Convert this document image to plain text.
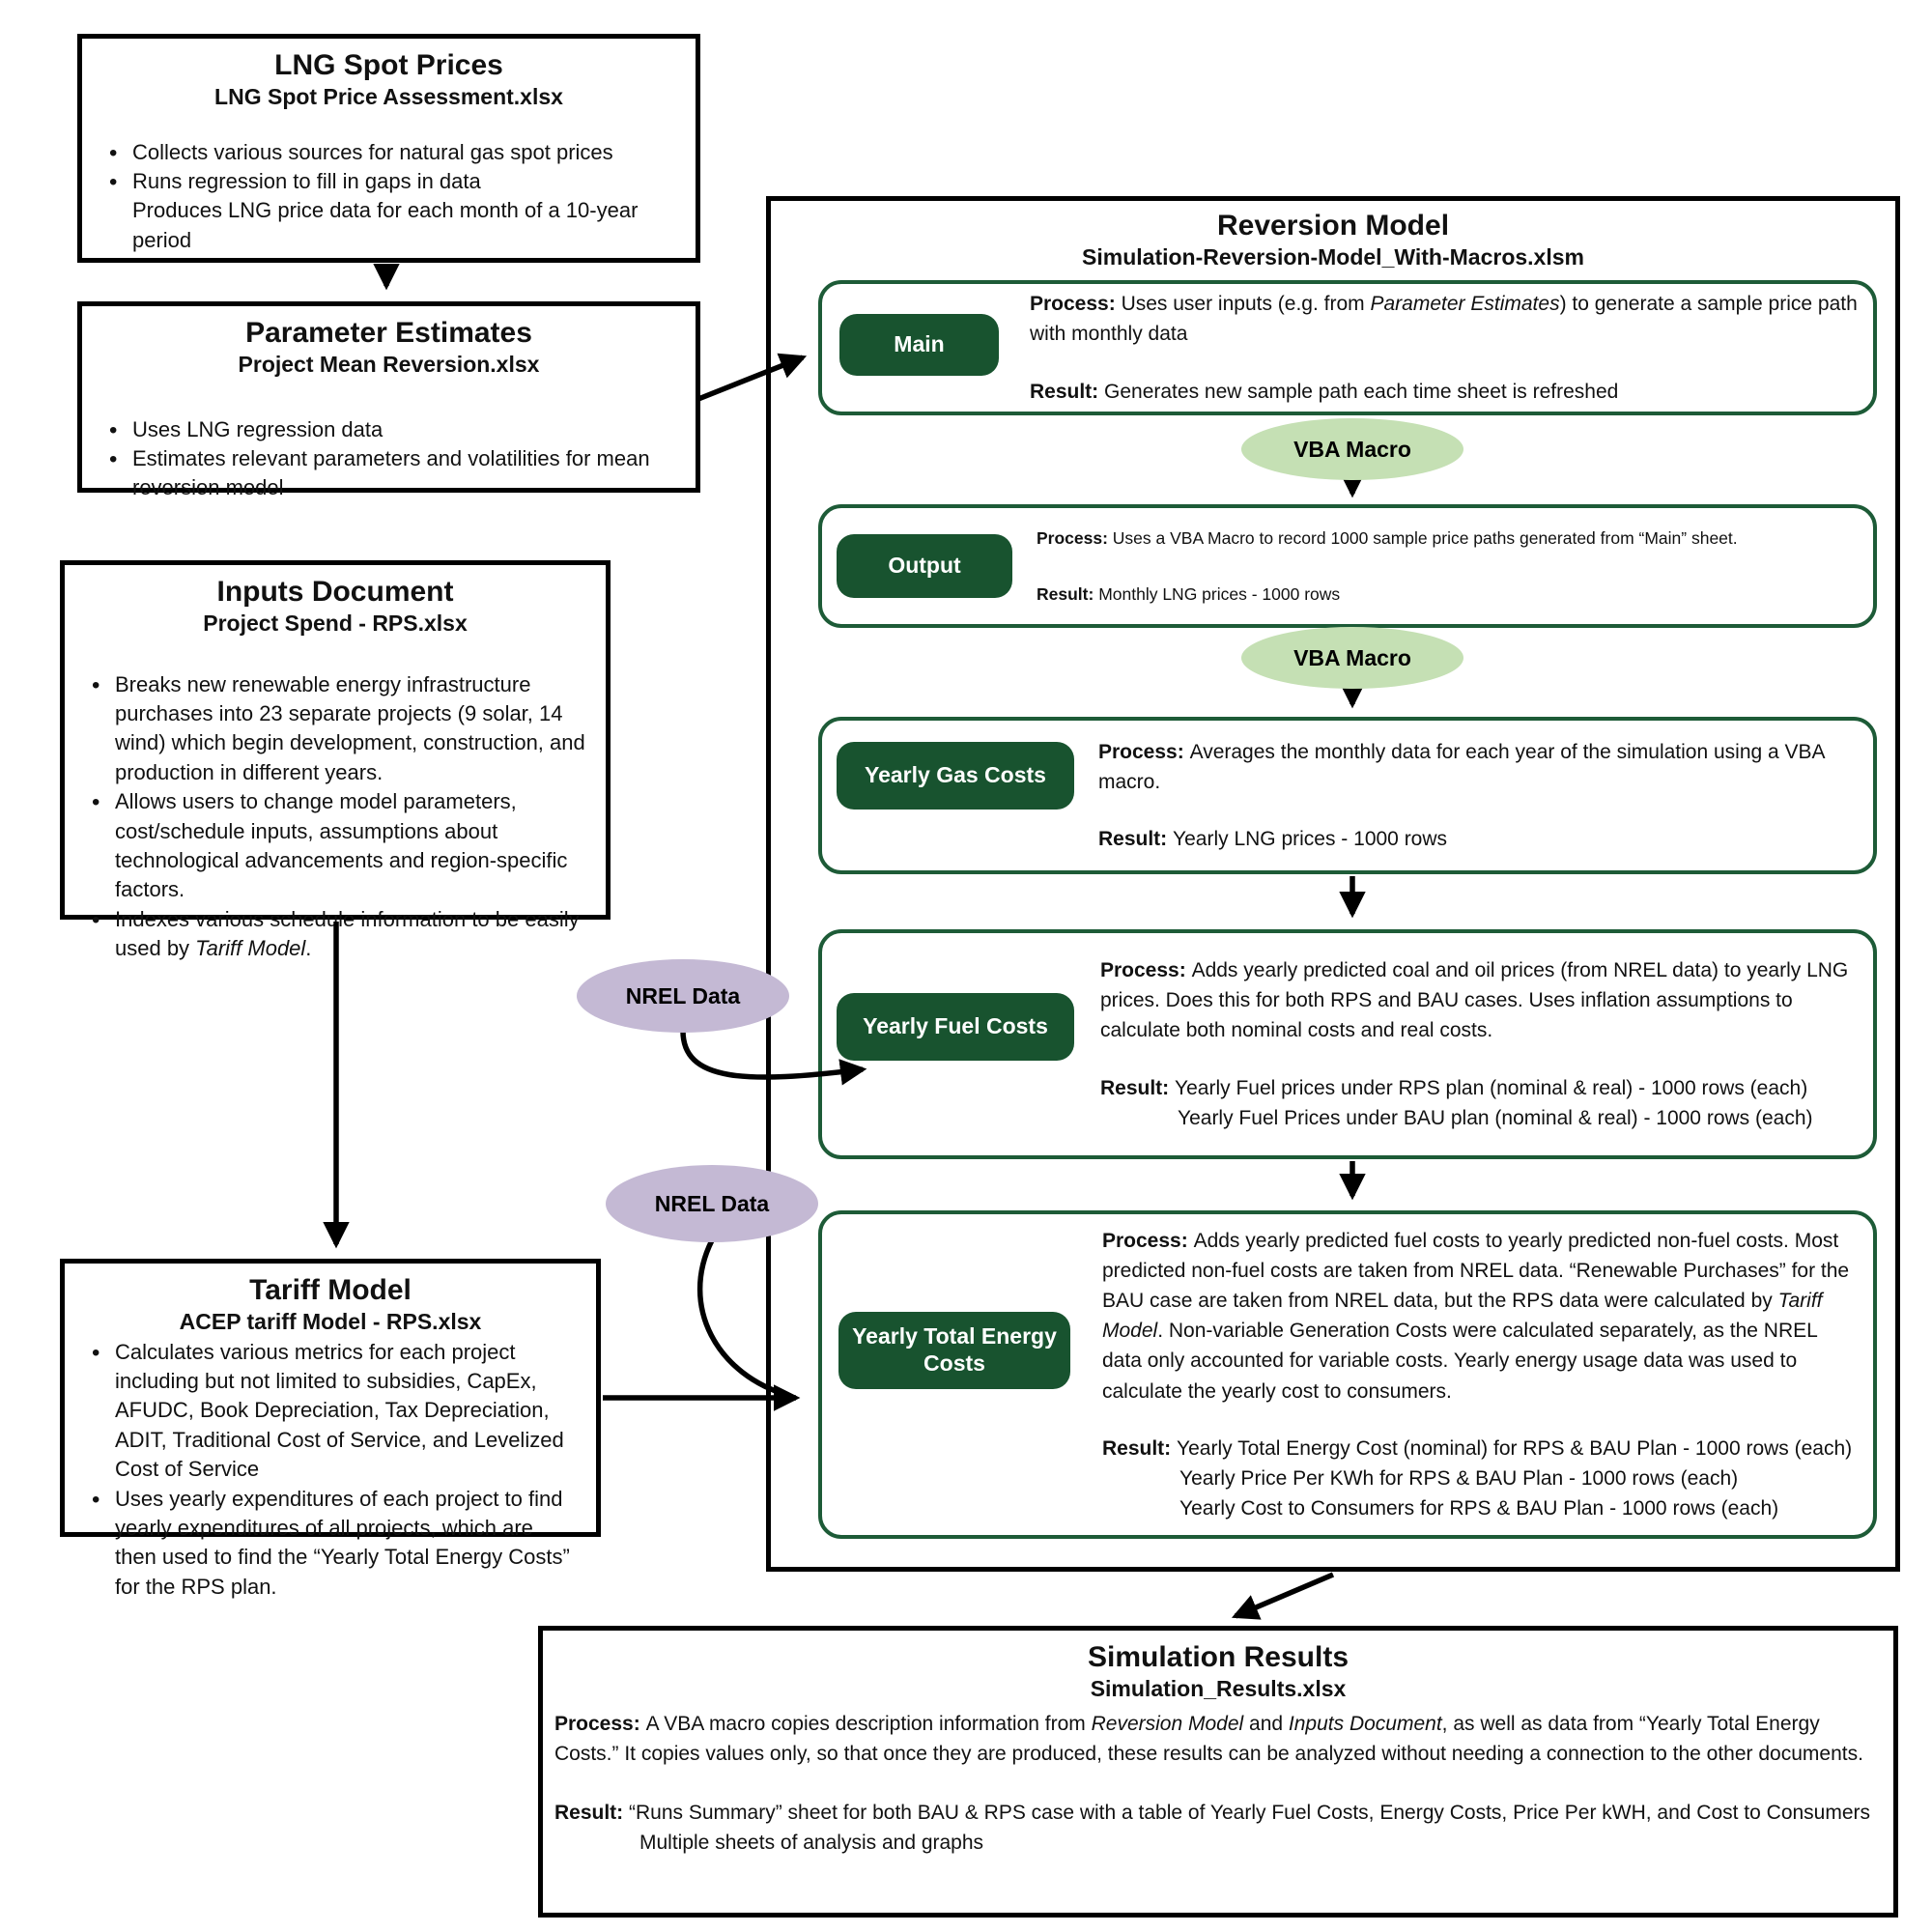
LNG Spot Prices
LNG Spot Price Assessment.xlsx
• Collects various sources for natural gas spot prices
• Runs regression to fill in gaps in data
Produces LNG price data for each month of a 10-year period
Parameter Estimates
Project Mean Reversion.xlsx
• Uses LNG regression data
• Estimates relevant parameters and volatilities for mean reversion model
Inputs Document
Project Spend - RPS.xlsx
• Breaks new renewable energy infrastructure purchases into 23 separate projects (9 solar, 14 wind) which begin development, construction, and production in different years.
• Allows users to change model parameters, cost/schedule inputs, assumptions about technological advancements and region-specific factors.
• Indexes various schedule information to be easily used by Tariff Model.
Tariff Model
ACEP tariff Model - RPS.xlsx
• Calculates various metrics for each project including but not limited to subsidies, CapEx, AFUDC, Book Depreciation, Tax Depreciation, ADIT, Traditional Cost of Service, and Levelized Cost of Service
• Uses yearly expenditures of each project to find yearly expenditures of all projects, which are then used to find the “Yearly Total Energy Costs” for the RPS plan.
Reversion Model
Simulation-Reversion-Model_With-Macros.xlsm
Process: Uses user inputs (e.g. from Parameter Estimates) to generate a sample price path with monthly data
Result: Generates new sample path each time sheet is refreshed
Main
Process: Uses a VBA Macro to record 1000 sample price paths generated from “Main” sheet.
Result: Monthly LNG prices - 1000 rows
Output
Process: Averages the monthly data for each year of the simulation using a VBA macro.
Result: Yearly LNG prices - 1000 rows
Yearly Gas Costs
Process: Adds yearly predicted coal and oil prices (from NREL data) to yearly LNG prices. Does this for both RPS and BAU cases. Uses inflation assumptions to calculate both nominal costs and real costs.
Result: Yearly Fuel prices under RPS plan (nominal & real) - 1000 rows (each)
Yearly Fuel Prices under BAU plan (nominal & real) - 1000 rows (each)
Yearly Fuel Costs
Process: Adds yearly predicted fuel costs to yearly predicted non-fuel costs. Most predicted non-fuel costs are taken from NREL data. “Renewable Purchases” for the BAU case are taken from NREL data, but the RPS data were calculated by Tariff Model. Non-variable Generation Costs were calculated separately, as the NREL data only accounted for variable costs. Yearly energy usage data was used to calculate the yearly cost to consumers.
Result: Yearly Total Energy Cost (nominal) for RPS & BAU Plan - 1000 rows (each)
Yearly Price Per KWh for RPS & BAU Plan - 1000 rows (each)
Yearly Cost to Consumers for RPS & BAU Plan - 1000 rows (each)
Yearly Total Energy Costs
Simulation Results
Simulation_Results.xlsx
Process: A VBA macro copies description information from Reversion Model and Inputs Document, as well as data from “Yearly Total Energy Costs.” It copies values only, so that once they are produced, these results can be analyzed without needing a connection to the other documents.
Result: “Runs Summary” sheet for both BAU & RPS case with a table of Yearly Fuel Costs, Energy Costs, Price Per kWH, and Cost to Consumers
Multiple sheets of analysis and graphs
VBA Macro
VBA Macro
NREL Data
NREL Data
